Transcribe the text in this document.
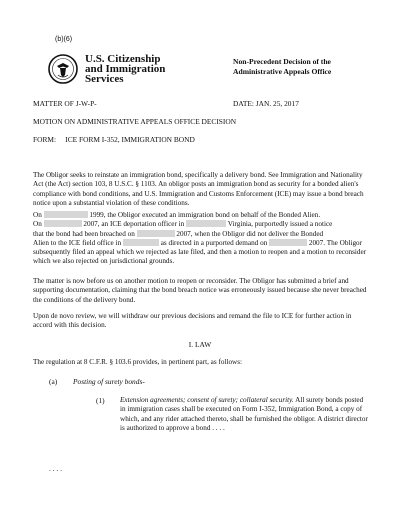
(b)(6)
U.S. Citizenship
and Immigration
Services
Non-Precedent Decision of the
Administrative Appeals Office
MATTER OF J-W-P-	DATE: JAN. 25, 2017
MOTION ON ADMINISTRATIVE APPEALS OFFICE DECISION
FORM:     ICE FORM I-352, IMMIGRATION BOND
The Obligor seeks to reinstate an immigration bond, specifically a delivery bond. See Immigration and Nationality Act (the Act) section 103, 8 U.S.C. § 1103. An obligor posts an immigration bond as security for a bonded alien's compliance with bond conditions, and U.S. Immigration and Customs Enforcement (ICE) may issue a bond breach notice upon a substantial violation of these conditions.
On	1999, the Obligor executed an immigration bond on behalf of the Bonded Alien.
On	2007, an ICE deportation officer in	Virginia, purportedly issued a notice
that the bond had been breached on	2007, when the Obligor did not deliver the Bonded
Alien to the ICE field office in	as directed in a purported demand on	2007. The Obligor subsequently filed an appeal which we rejected as late filed, and then a motion to reopen and a motion to reconsider which we also rejected on jurisdictional grounds.
The matter is now before us on another motion to reopen or reconsider. The Obligor has submitted a brief and supporting documentation, claiming that the bond breach notice was erroneously issued because she never breached the conditions of the delivery bond.
Upon de novo review, we will withdraw our previous decisions and remand the file to ICE for further action in accord with this decision.
I. LAW
The regulation at 8 C.F.R. § 103.6 provides, in pertinent part, as follows:
(a) Posting of surety bonds-
(1) Extension agreements; consent of surety; collateral security. All surety bonds posted in immigration cases shall be executed on Form I-352, Immigration Bond, a copy of which, and any rider attached thereto, shall be furnished the obligor. A district director is authorized to approve a bond . . . .
. . . .
